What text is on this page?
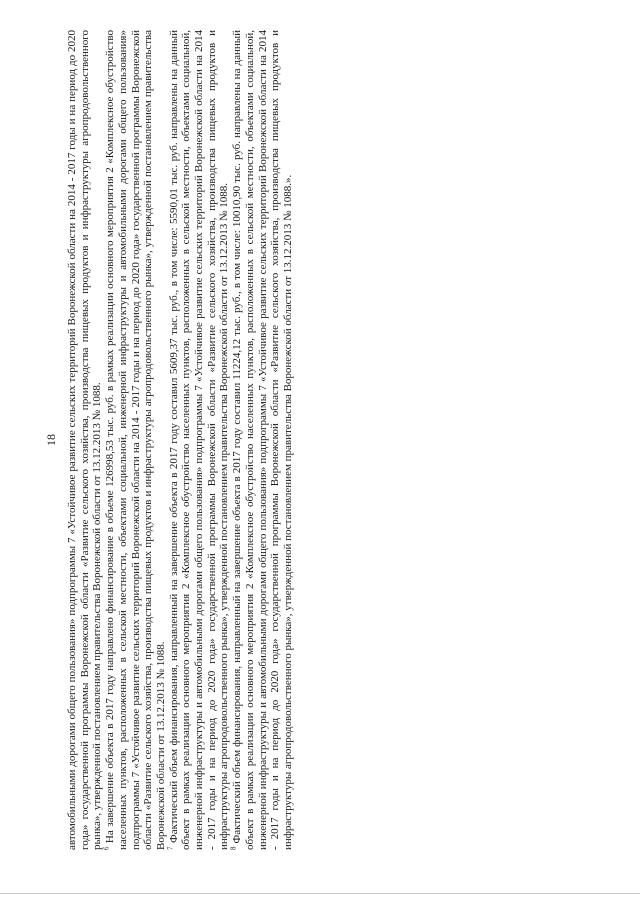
18 автомобильными дорогами общего пользования» подпрограммы 7 «Устойчивое развитие сельских территорий Воронежской области на 2014 - 2017 годы и на период до 2020 года» государственной программы Воронежской области «Развитие сельского хозяйства, производства пищевых продуктов и инфраструктуры агропродовольственного рынка», утвержденной постановлением правительства Воронежской области от 13.12.2013 № 1088. $^6$ На завершение объекта в 2017 году направлено финансирование в объеме 126998,53 тыс. руб. в рамках реализации основного мероприятия 2 «Комплексное обустройство населенных пунктов, расположенных в сельской местности, объектами социальной, инженерной инфраструктуры и автомобильными дорогами общего пользования» подпрограммы 7 «Устойчивое развитие сельских территорий Воронежской области на 2014 - 2017 годы и на период до 2020 года» государственной программы Воронежской области «Развитие сельского хозяйства, производства пищевых продуктов и инфраструктуры агропродовольственного рынка», утвержденной постановлением правительства Воронежской области от 13.12.2013 № 1088. $^7$ Фактический объем финансирования, направленный на завершение объекта в 2017 году составил 5609,37 тыс. руб., в том числе: 5590,01 тыс. руб. направлены на данный объект в рамках реализации основного мероприятия 2 «Комплексное обустройство населенных пунктов, расположенных в сельской местности, объектами социальной, инженерной инфраструктуры и автомобильными дорогами общего пользования» подпрограммы 7 «Устойчивое развитие сельских территорий Воронежской области на 2014 - 2017 годы и на период до 2020 года» государственной программы Воронежской области «Развитие сельского хозяйства, производства пищевых продуктов и инфраструктуры агропродовольственного рынка», утвержденной постановлением правительства Воронежской области от 13.12.2013 № 1088. $^8$ Фактический объем финансирования, направленный на завершение объекта в 2017 году составил 11224,12 тыс. руб., в том числе: 10010,90 тыс. руб. направлены на данный объект в рамках реализации основного мероприятия 2 «Комплексное обустройство населенных пунктов, расположенных в сельской местности, объектами социальной, инженерной инфраструктуры и автомобильными дорогами общего пользования» подпрограммы 7 «Устойчивое развитие сельских территорий Воронежской области на 2014 - 2017 годы и на период до 2020 года» государственной программы Воронежской области «Развитие сельского хозяйства, производства пищевых продуктов и инфраструктуры агропродовольственного рынка», утвержденной постановлением правительства Воронежской области от 13.12.2013 № 1088.».
